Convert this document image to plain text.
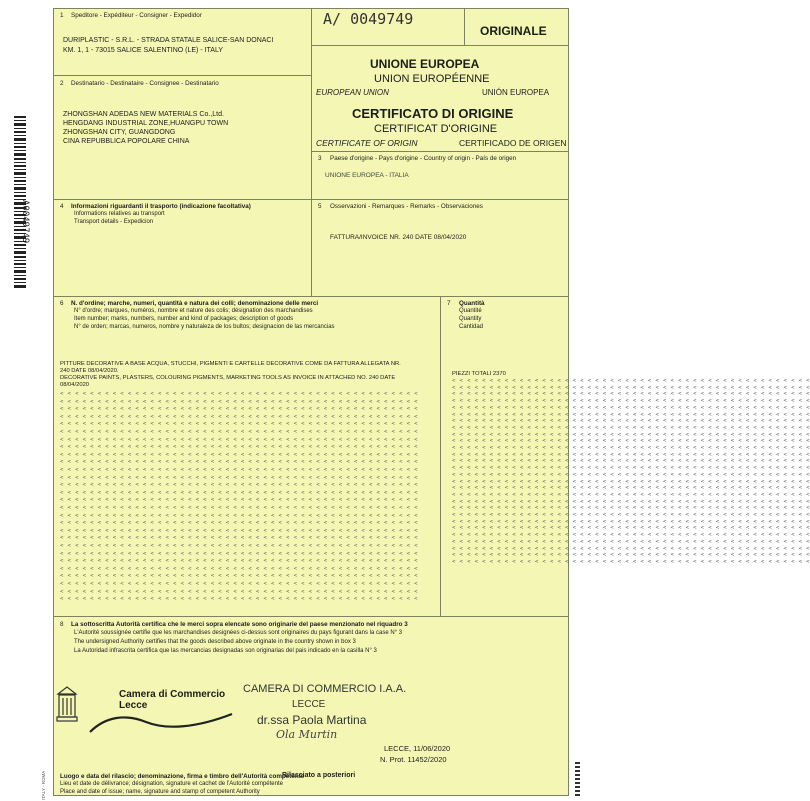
A0049749
ITALY - ROMA
A/ 0049749
ORIGINALE
1 Speditore - Expéditeur - Consigner - Expedidor
DURIPLASTIC - S.R.L. - STRADA STATALE SALICE-SAN DONACI
KM. 1, 1 - 73015 SALICE SALENTINO (LE) - ITALY
2 Destinatario - Destinataire - Consignee - Destinatario
ZHONGSHAN ADEDAS NEW MATERIALS Co.,Ltd.
HENGDANG INDUSTRIAL ZONE,HUANGPU TOWN
ZHONGSHAN CITY, GUANGDONG
CINA REPUBBLICA POPOLARE CHINA
UNIONE EUROPEA
UNION EUROPÉENNE
EUROPEAN UNION	UNIÓN EUROPEA
CERTIFICATO DI ORIGINE
CERTIFICAT D'ORIGINE
CERTIFICATE OF ORIGIN	CERTIFICADO DE ORIGEN
3 Paese d'origine - Pays d'origine - Country of origin - País de origen
UNIONE EUROPEA - ITALIA
4 Informazioni riguardanti il trasporto (indicazione facoltativa)
Informations relatives au transport
Transport details - Expedicion
5 Osservazioni - Remarques - Remarks - Observaciones
FATTURA/INVOICE NR. 240 DATE 08/04/2020
6 N. d'ordine; marche, numeri, quantità e natura dei colli; denominazione delle merci
N° d'ordre; marques, numéros, nombre et nature des colis; désignation des marchandises
Item number; marks, numbers, number and kind of packages; description of goods
N° de orden; marcas, numeros, nombre y naturaleza de los bultos; designacion de las mercancias
PITTURE DECORATIVE A BASE ACQUA, STUCCHI, PIGMENTI E CARTELLE DECORATIVE COME DA FATTURA ALLEGATA NR.
240 DATE 08/04/2020.
DECORATIVE PAINTS, PLASTERS, COLOURING PIGMENTS, MARKETING TOOLS AS INVOICE IN ATTACHED NO. 240 DATE
08/04/2020
7 Quantità
Quantité
Quantity
Cantidad
PIEZZI TOTALI 2370
< < < < < < < < < < < < < < < < < < < < < < < < < < < < < < < < < < < < < < < < < < < < < < < <
< < < < < < < < < < < < < < < < < < < < < < < < < < < < < < < < < < < < < < < < < < < < < < < <
< < < < < < < < < < < < < < < < < < < < < < < < < < < < < < < < < < < < < < < < < < < < < < < <
< < < < < < < < < < < < < < < < < < < < < < < < < < < < < < < < < < < < < < < < < < < < < < < <
< < < < < < < < < < < < < < < < < < < < < < < < < < < < < < < < < < < < < < < < < < < < < < < <
< < < < < < < < < < < < < < < < < < < < < < < < < < < < < < < < < < < < < < < < < < < < < < < <
< < < < < < < < < < < < < < < < < < < < < < < < < < < < < < < < < < < < < < < < < < < < < < < <
< < < < < < < < < < < < < < < < < < < < < < < < < < < < < < < < < < < < < < < < < < < < < < < <
< < < < < < < < < < < < < < < < < < < < < < < < < < < < < < < < < < < < < < < < < < < < < < < <
< < < < < < < < < < < < < < < < < < < < < < < < < < < < < < < < < < < < < < < < < < < < < < < <
< < < < < < < < < < < < < < < < < < < < < < < < < < < < < < < < < < < < < < < < < < < < < < < <
< < < < < < < < < < < < < < < < < < < < < < < < < < < < < < < < < < < < < < < < < < < < < < < <
< < < < < < < < < < < < < < < < < < < < < < < < < < < < < < < < < < < < < < < < < < < < < < < <
< < < < < < < < < < < < < < < < < < < < < < < < < < < < < < < < < < < < < < < < < < < < < < < <
< < < < < < < < < < < < < < < < < < < < < < < < < < < < < < < < < < < < < < < < < < < < < < < <
< < < < < < < < < < < < < < < < < < < < < < < < < < < < < < < < < < < < < < < < < < < < < < < <
< < < < < < < < < < < < < < < < < < < < < < < < < < < < < < < < < < < < < < < < < < < < < < < <
< < < < < < < < < < < < < < < < < < < < < < < < < < < < < < < < < < < < < < < < < < < < < < < <
< < < < < < < < < < < < < < < < < < < < < < < < < < < < < < < < < < < < < < < < < < < < < < < <
< < < < < < < < < < < < < < < < < < < < < < < < < < < < < < < < < < < < < < < < < < < < < < < <
< < < < < < < < < < < < < < < < < < < < < < < < < < < < < < < < < < < < < < < < < < < < < < < <
< < < < < < < < < < < < < < < < < < < < < < < < < < < < < < < < < < < < < < < < < < < < < < < <
< < < < < < < < < < < < < < < < < < < < < < < < < < < < < < < < < < < < < < < < < < < < < < < <
< < < < < < < < < < < < < < < < < < < < < < < < < < < < < < < < < < < < < < < < < < < < < < < <
< < < < < < < < < < < < < < < < < < < < < < < < < < < < < < < < < < < < < < < < < < < < < < < <
< < < < < < < < < < < < < < < < < < < < < < < < < < < < < < < < < < < < < < < < < < < < < < < <
< < < < < < < < < < < < < < < < < < < < < < < < < < < < < < < < < < < < < < < < < < < < < < < <
< < < < < < < < < < < < < < < < < < < < < < < < < < < < < < < < < < < < < < < < < < < < < < < <
< < < < < < < < < < < < < < < < < < < < < < < < < < < < < < < < < < < < < < < < < < < < < < < <
< < < < < < < < < < < < < < < < < < < < < < < < < < < < < < < < < < < < < < < < < < < < < < < <
< < < < < < < < < < < < < < < < < < < < < < < < < < < < < < < < < < < < < < < < < < < < < < < <
< < < < < < < < < < < < < < < < < < < < < < < < < < < < < < < < < < < < < < < < < < < < < < < <
< < < < < < < < < < < < < < < < < < < < < < < < < < < < < < < < < < < < < < < < < < < < < < < <
< < < < < < < < < < < < < < < < < < < < < < < < < < < < < < < < < < < < < < < < < < < < < < < <
< < < < < < < < < < < < < < < < < < < < < < < < < < < < < < < < < < < < < < < < < < < < < < < <
< < < < < < < < < < < < < < < < < < < < < < < < < < < < < < < < < < < < < < < < < < < < < < < <
< < < < < < < < < < < < < < < < < < < < < < < < < < < < < < < < < < < < < < < < < < < < < < < <
< < < < < < < < < < < < < < < < < < < < < < < < < < < < < < < < < < < < < < < < < < < < < < < <
< < < < < < < < < < < < < < < < < < < < < < < < < < < < < < < < < < < < < < < < < < < < < < < <
< < < < < < < < < < < < < < < < < < < < < < < < < < < < < < < < < < < < < < < < < < < < < < < <
< < < < < < < < < < < < < < < < < < < < < < < < < < < < < < < < < < < < < < < < < < < < < < < <
< < < < < < < < < < < < < < < < < < < < < < < < < < < < < < < < < < < < < < < < < < < < < < < <
< < < < < < < < < < < < < < < < < < < < < < < < < < < < < < < < < < < < < < < < < < < < < < < <
< < < < < < < < < < < < < < < < < < < < < < < < < < < < < < < < < < < < < < < < < < < < < < < <
< < < < < < < < < < < < < < < < < < < < < < < < < < < < < < < < < < < < < < < < < < < < < < < <
< < < < < < < < < < < < < < < < < < < < < < < < < < < < < < < < < < < < < < < < < < < < < < < <
< < < < < < < < < < < < < < < < < < < < < < < < < < < < < < < < < < < < < < < < < < < < < < < <
< < < < < < < < < < < < < < < < < < < < < < < < < < < < < < < < < < < < < < < < < < < < < < < <
< < < < < < < < < < < < < < < < < < < < < < < < < < < < < < < < < < < < < < < < < < < < < < < <
< < < < < < < < < < < < < < < < < < < < < < < < < < < < < < < < < < < < < < < < < < < < < < < <
< < < < < < < < < < < < < < < < < < < < < < < < < < < < < < < < < < < < < < < < < < < < < < < <
< < < < < < < < < < < < < < < < < < < < < < < < < < < < < < < < < < < < < < < < < < < < < < < <
< < < < < < < < < < < < < < < < < < < < < < < < < < < < < < < < < < < < < < < < < < < < < < < <
< < < < < < < < < < < < < < < < < < < < < < < < < < < < < < < < < < < < < < < < < < < < < < < <
< < < < < < < < < < < < < < < < < < < < < < < < < < < < < < < < < < < < < < < < < < < < < < < <
< < < < < < < < < < < < < < < < < < < < < < < < < < < < < < < < < < < < < < < < < < < < < < < <
8 La sottoscritta Autorità certifica che le merci sopra elencate sono originarie del paese menzionato nel riquadro 3
L'Autorité soussignée certifie que les marchandises designées ci-dessus sont originaires du pays figurant dans la case N° 3
The undersigned Authority certifies that the goods described above originate in the country shown in box 3
La Autoridad infrascrita certifica que las mercancias designadas son originarias del pais indicado en la casilla N° 3
Camera di Commercio
Lecce
CAMERA DI COMMERCIO I.A.A.
LECCE
dr.ssa Paola Martina
Ola Murtin
LECCE, 11/06/2020
N. Prot. 11452/2020
Luogo e data del rilascio; denominazione, firma e timbro dell'Autorità competente
Lieu et date de délivrance; désignation, signature et cachet de l'Autorité compétente
Place and date of issue; name, signature and stamp of competent Authority
Rilasciato a posteriori
